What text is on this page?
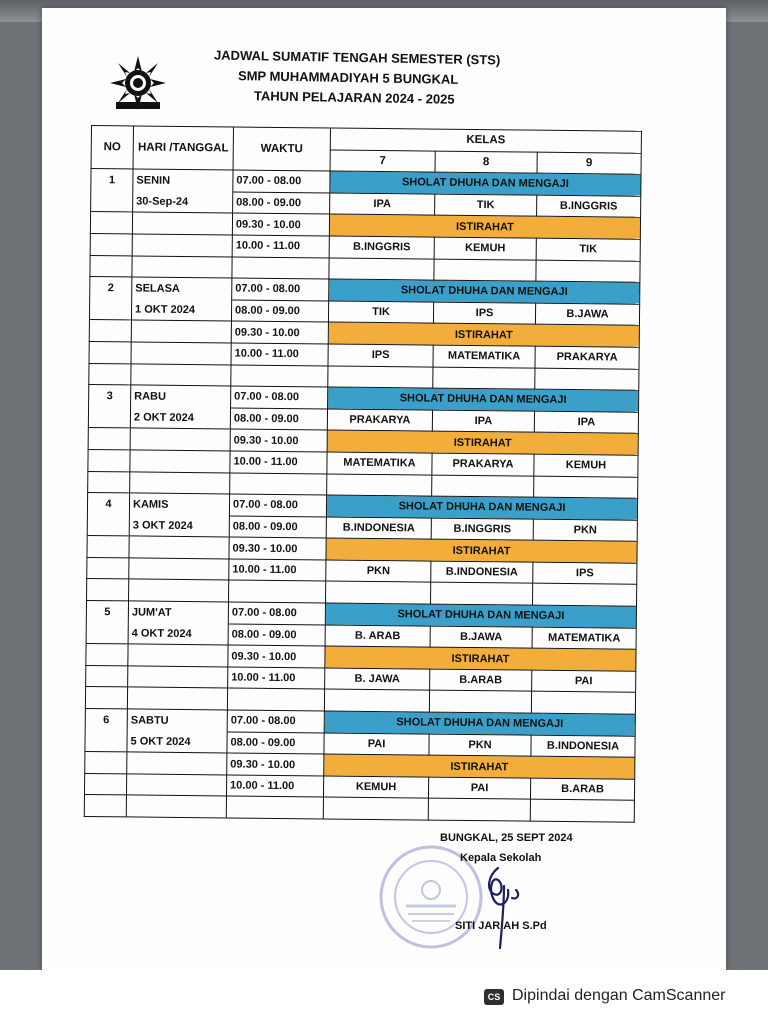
JADWAL SUMATIF TENGAH SEMESTER (STS)
SMP MUHAMMADIYAH 5 BUNGKAL
TAHUN PELAJARAN 2024 - 2025
NO	HARI /TANGGAL	WAKTU	KELAS		
			7	8	9
1	SENIN	07.00 - 08.00	SHOLAT DHUHA DAN MENGAJI		
	30-Sep-24	08.00 - 09.00	IPA	TIK	B.INGGRIS
		09.30 - 10.00	ISTIRAHAT		
		10.00 - 11.00	B.INGGRIS	KEMUH	TIK

2	SELASA	07.00 - 08.00	SHOLAT DHUHA DAN MENGAJI		
	1 OKT 2024	08.00 - 09.00	TIK	IPS	B.JAWA
		09.30 - 10.00	ISTIRAHAT		
		10.00 - 11.00	IPS	MATEMATIKA	PRAKARYA

3	RABU	07.00 - 08.00	SHOLAT DHUHA DAN MENGAJI		
	2 OKT 2024	08.00 - 09.00	PRAKARYA	IPA	IPA
		09.30 - 10.00	ISTIRAHAT		
		10.00 - 11.00	MATEMATIKA	PRAKARYA	KEMUH

4	KAMIS	07.00 - 08.00	SHOLAT DHUHA DAN MENGAJI		
	3 OKT 2024	08.00 - 09.00	B.INDONESIA	B.INGGRIS	PKN
		09.30 - 10.00	ISTIRAHAT		
		10.00 - 11.00	PKN	B.INDONESIA	IPS

5	JUM'AT	07.00 - 08.00	SHOLAT DHUHA DAN MENGAJI		
	4 OKT 2024	08.00 - 09.00	B. ARAB	B.JAWA	MATEMATIKA
		09.30 - 10.00	ISTIRAHAT		
		10.00 - 11.00	B. JAWA	B.ARAB	PAI

6	SABTU	07.00 - 08.00	SHOLAT DHUHA DAN MENGAJI		
	5 OKT 2024	08.00 - 09.00	PAI	PKN	B.INDONESIA
		09.30 - 10.00	ISTIRAHAT		
		10.00 - 11.00	KEMUH	PAI	B.ARAB

BUNGKAL, 25 SEPT 2024
Kepala Sekolah
SITI JARIAH S.Pd
CS Dipindai dengan CamScanner
